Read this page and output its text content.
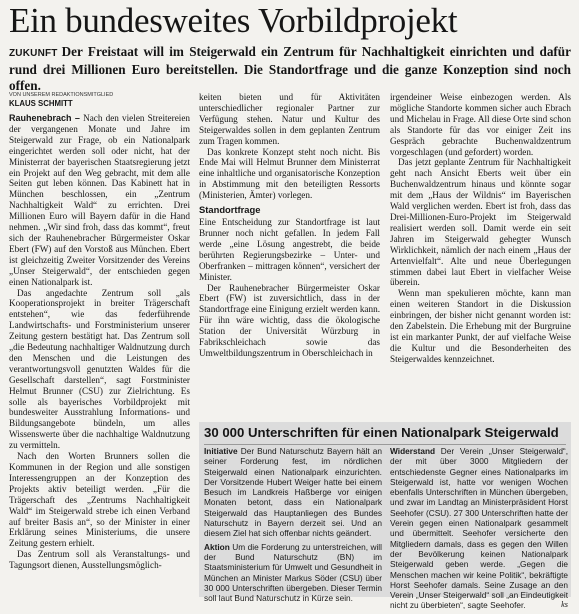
Ein bundesweites Vorbildprojekt
ZUKUNFT Der Freistaat will im Steigerwald ein Zentrum für Nachhaltigkeit einrichten und dafür rund drei Millionen Euro bereitstellen. Die Standortfrage und die ganze Konzeption sind noch offen.
VON UNSEREM REDAKTIONSMITGLIED
KLAUS SCHMITT

Rauhenebrach – Nach den vielen Streitereien der vergangenen Monate und Jahre im Steigerwald zur Frage, ob ein Nationalpark eingerichtet werden soll oder nicht, hat der Ministerrat der bayerischen Staatsregierung jetzt ein Projekt auf den Weg gebracht, mit dem alle Seiten gut leben können. Das Kabinett hat in München beschlossen, ein „Zentrum Nachhaltigkeit Wald“ zu errichten. Drei Millionen Euro will Bayern dafür in die Hand nehmen. „Wir sind froh, dass das kommt“, freut sich der Rauhenebracher Bürgermeister Oskar Ebert (FW) auf den Vorstoß aus München. Ebert ist gleichzeitig Zweiter Vorsitzender des Vereins „Unser Steigerwald“, der entschieden gegen einen Nationalpark ist.

Das angedachte Zentrum soll „als Kooperationsprojekt in breiter Trägerschaft entstehen“, wie das federführende Landwirtschafts- und Forstministerium unserer Zeitung gestern bestätigt hat. Das Zentrum soll „die Bedeutung nachhaltiger Waldnutzung durch den Menschen und die Leistungen des verantwortungsvoll genutzten Waldes für die Gesellschaft darstellen“, sagt Forstminister Helmut Brunner (CSU) zur Zielrichtung. Es solle als bayerisches Vorbildprojekt mit bundesweiter Ausstrahlung Informations- und Bildungsangebote bündeln, um alles Wissenswerte über die nachhaltige Waldnutzung zu vermitteln.

Nach den Worten Brunners sollen die Kommunen in der Region und alle sonstigen Interessengruppen an der Konzeption des Projekts aktiv beteiligt werden. „Für die Trägerschaft des „Zentrums Nachhaltigkeit Wald“ im Steigerwald strebe ich einen Verband auf breiter Basis an“, so der Minister in einer Erklärung seines Ministeriums, die unsere Zeitung gestern erhielt.

Das Zentrum soll als Veranstaltungs- und Tagungsort dienen, Ausstellungsmöglich-

keiten bieten und für Aktivitäten unterschiedlicher regionaler Partner zur Verfügung stehen. Natur und Kultur des Steigerwaldes sollen in dem geplanten Zentrum zum Tragen kommen.

Das konkrete Konzept steht noch nicht. Bis Ende Mai will Helmut Brunner dem Ministerrat eine inhaltliche und organisatorische Konzeption in Abstimmung mit den beteiligten Ressorts (Ministerien, Ämter) vorlegen.

Standortfrage

Eine Entscheidung zur Standortfrage ist laut Brunner noch nicht gefallen. In jedem Fall werde „eine Lösung angestrebt, die beide berührten Regierungsbezirke – Unter- und Oberfranken – mittragen können“, versichert der Minister.

Der Rauhenebracher Bürgermeister Oskar Ebert (FW) ist zuversichtlich, dass in der Standortfrage eine Einigung erzielt werden kann. Für ihn wäre wichtig, dass die ökologische Station der Universität Würzburg in Fabrikschleichach sowie das Umweltbildungszentrum in Oberschleichach in

irgendeiner Weise einbezogen werden. Als mögliche Standorte kommen sicher auch Ebrach und Michelau in Frage. All diese Orte sind schon als Standorte für das vor einiger Zeit ins Gespräch gebrachte Buchenwaldzentrum vorgeschlagen (und gefordert) worden.

Das jetzt geplante Zentrum für Nachhaltigkeit geht nach Ansicht Eberts weit über ein Buchenwaldzentrum hinaus und könnte sogar mit dem „Haus der Wildnis“ im Bayerischen Wald verglichen werden. Ebert ist froh, dass das Drei-Millionen-Euro-Projekt im Steigerwald realisiert werden soll. Damit werde ein seit Jahren im Steigerwald gehegter Wunsch Wirklichkeit, nämlich der nach einem „Haus der Artenvielfalt“. Alte und neue Überlegungen stimmen dabei laut Ebert in vielfacher Weise überein.

Wenn man spekulieren möchte, kann man einen weiteren Standort in die Diskussion einbringen, der bisher nicht genannt worden ist: den Zabelstein. Die Erhebung mit der Burgruine ist ein markanter Punkt, der auf vielfache Weise die Kultur und die Besonderheiten des Steigerwaldes kennzeichnet.

30 000 Unterschriften für einen Nationalpark Steigerwald

Initiative Der Bund Naturschutz Bayern hält an seiner Forderung fest, im nördlichen Steigerwald einen Nationalpark einzurichten. Der Vorsitzende Hubert Weiger hatte bei einem Besuch im Landkreis Haßberge vor einigen Monaten betont, dass ein Nationalpark Steigerwald das Hauptanliegen des Bundes Naturschutz in Bayern derzeit sei. Und an diesem Ziel hat sich offenbar nichts geändert.

Aktion Um die Forderung zu unterstreichen, will der Bund Naturschutz (BN) im Staatsministerium für Umwelt und Gesundheit in München an Minister Markus Söder (CSU) über 30 000 Unterschriften übergeben. Dieser Termin soll laut Bund Naturschutz in Kürze sein.

Widerstand Der Verein „Unser Steigerwald“, der mit über 3000 Mitgliedern der entschiedenste Gegner eines Nationalparks im Steigerwald ist, hatte vor wenigen Wochen ebenfalls Unterschriften in München übergeben, und zwar im Landtag an Ministerpräsident Horst Seehofer (CSU). 27 300 Unterschriften hatte der Verein gegen einen Nationalpark gesammelt und übermittelt. Seehofer versicherte den Mitgliedern damals, dass es gegen den Willen der Bevölkerung keinen Nationalpark Steigerwald geben werde. „Gegen die Menschen machen wir keine Politik“, bekräftigte Horst Seehofer damals. Seine Zusage an den Verein „Unser Steigerwald“ soll „an Eindeutigkeit nicht zu überbieten“, sagte Seehofer.	ks
